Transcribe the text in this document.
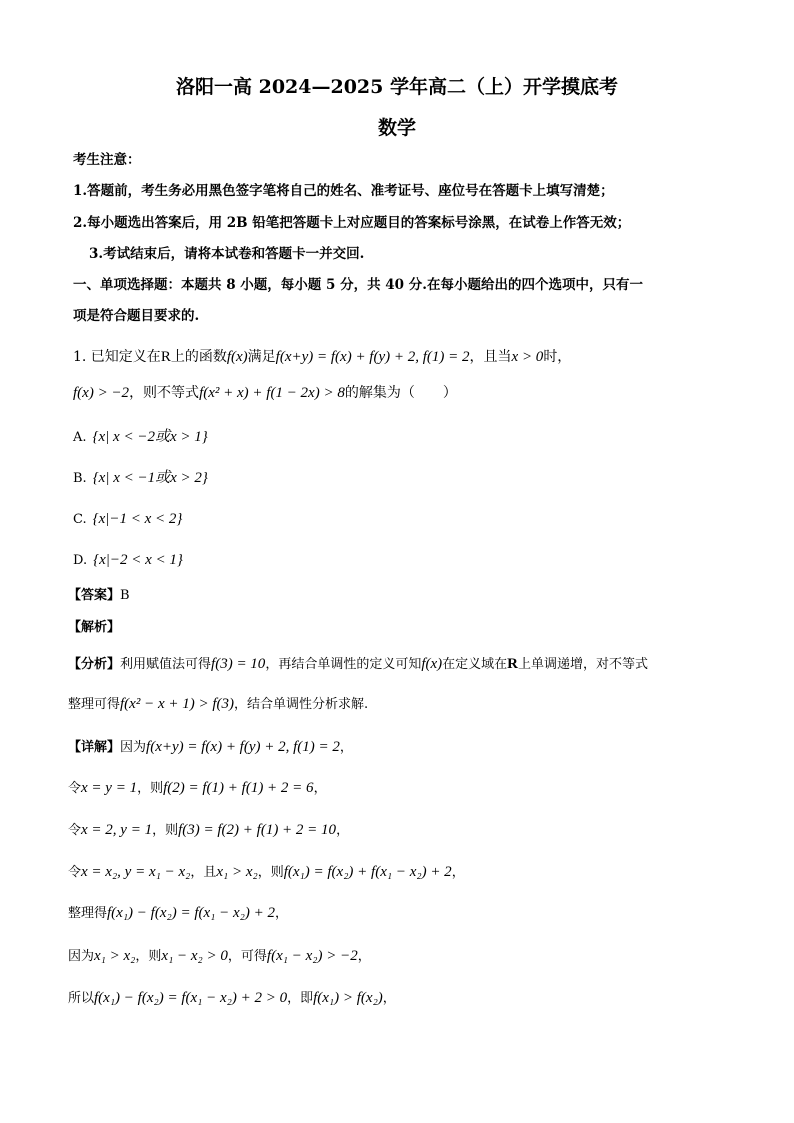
洛阳一高 2024—2025 学年高二（上）开学摸底考
数学
考生注意：
1.答题前，考生务必用黑色签字笔将自己的姓名、准考证号、座位号在答题卡上填写清楚；
2.每小题选出答案后，用 2B 铅笔把答题卡上对应题目的答案标号涂黑，在试卷上作答无效；
3.考试结束后，请将本试卷和答题卡一并交回.
一、单项选择题：本题共 8 小题，每小题 5 分，共 40 分.在每小题给出的四个选项中，只有一
项是符合题目要求的.
1. 已知定义在R上的函数f(x)满足f(x+y) = f(x) + f(y) + 2, f(1) = 2，且当x > 0时，
f(x) > −2，则不等式f(x² + x) + f(1 − 2x) > 8的解集为（　　）
A. {x| x < −2或x > 1}
B. {x| x < −1或x > 2}
C. {x|−1 < x < 2}
D. {x|−2 < x < 1}
【答案】B
【解析】
【分析】利用赋值法可得f(3) = 10，再结合单调性的定义可知f(x)在定义域在R上单调递增，对不等式
整理可得f(x² − x + 1) > f(3)，结合单调性分析求解.
【详解】因为f(x+y) = f(x) + f(y) + 2, f(1) = 2，
令x = y = 1，则f(2) = f(1) + f(1) + 2 = 6，
令x = 2, y = 1，则f(3) = f(2) + f(1) + 2 = 10，
令x = x₂, y = x₁ − x₂，且x₁ > x₂，则f(x₁) = f(x₂) + f(x₁ − x₂) + 2，
整理得f(x₁) − f(x₂) = f(x₁ − x₂) + 2，
因为x₁ > x₂，则x₁ − x₂ > 0，可得f(x₁ − x₂) > −2，
所以f(x₁) − f(x₂) = f(x₁ − x₂) + 2 > 0，即f(x₁) > f(x₂)，
